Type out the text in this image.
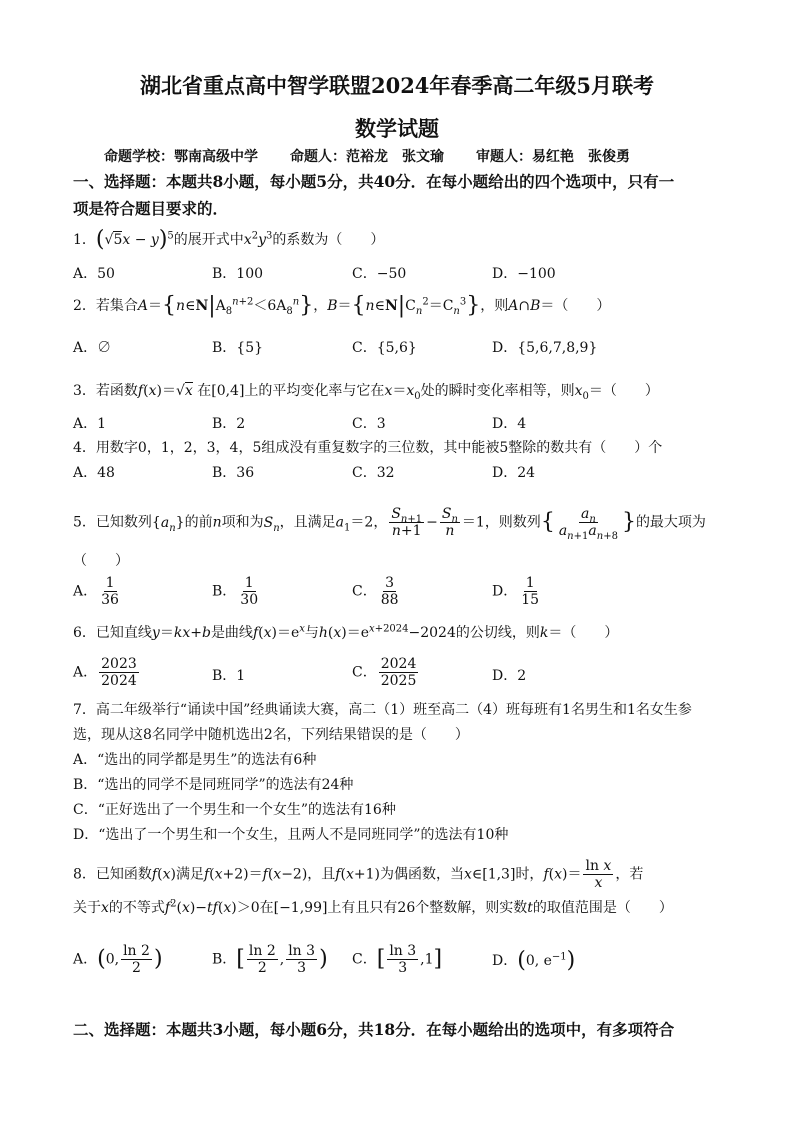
湖北省重点高中智学联盟2024年春季高二年级5月联考
数学试题
命题学校：鄂南高级中学 命题人：范裕龙　张文瑜 审题人：易红艳　张俊勇
一、选择题：本题共8小题，每小题5分，共40分．在每小题给出的四个选项中，只有一
项是符合题目要求的．
1．$(√5x - y)^5$的展开式中$x^2y^3$的系数为（　　）
A．50	B．100	C．−50	D．−100
2．若集合$A=\{n\in N|A_8^{n+2}<6A_8^n\}$，$B=\{n\in N|C_n^2=C_n^3\}$，则A∩B＝（　　）
A．∅	B．{5}	C．{5,6}	D．{5,6,7,8,9}
3．若函数f(x)＝√x 在[0,4]上的平均变化率与它在$x=x_0$处的瞬时变化率相等，则$x_0=$（　　）
A．1	B．2	C．3	D．4
4．用数字0，1，2，3，4，5组成没有重复数字的三位数，其中能被5整除的数共有（　　）个
A．48	B．36	C．32	D．24
5．已知数列$\{a_n\}$的前n项和为$S_n$，且满足$a_1=2$， $\frac{S_{n+1}}{n+1} - \frac{S_n}{n} =1$，则数列{ $\frac{a_n}{a_{n+1}a_{n+8}}$ }的最大项为
（　　）
A． $\frac{1}{36}$	B． $\frac{1}{30}$	C． $\frac{3}{88}$	D． $\frac{1}{15}$
6．已知直线y＝kx+b是曲线$f(x)=e^x$与$h(x)=e^{x+2024}-2024$的公切线，则k＝（　　）
A． $\frac{2023}{2024}$	B．1	C． $\frac{2024}{2025}$	D．2
7．高二年级举行“诵读中国”经典诵读大赛，高二（1）班至高二（4）班每班有1名男生和1名女生参
选，现从这8名同学中随机选出2名，下列结果错误的是（　　）
A．“选出的同学都是男生”的选法有6种
B．“选出的同学不是同班同学”的选法有24种
C．“正好选出了一个男生和一个女生”的选法有16种
D．“选出了一个男生和一个女生，且两人不是同班同学”的选法有10种
8．已知函数f(x)满足f(x+2)＝f(x−2)，且f(x+1)为偶函数，当x∈[1,3]时，$f(x)= \frac{\text{ln x}}{x}$ ，若
关于x的不等式$f^2(x)-tf(x)>0$在[−1,99]上有且只有26个整数解，则实数t的取值范围是（　　）
A．(0, $\frac{\ln 2}{2}$ )	B．[ $\frac{\ln 2}{2}$ , $\frac{\ln 3}{3}$ ) C．[ $\frac{\ln 3}{3} ,1$]	D．(0, $e^{-1}$)
二、选择题：本题共3小题，每小题6分，共18分．在每小题给出的选项中，有多项符合
